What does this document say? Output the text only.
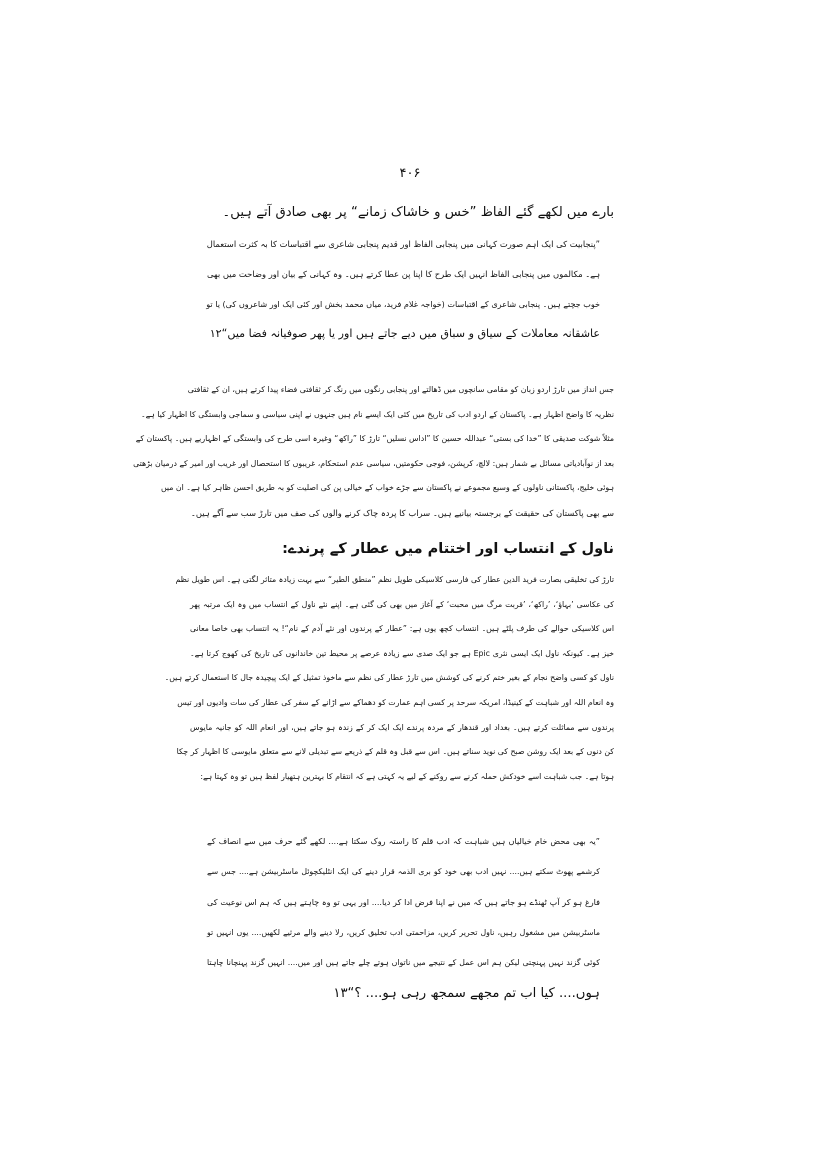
۴۰۶
بارے میں لکھے گئے الفاظ ”خس و خاشاک زمانے“ پر بھی صادق آتے ہیں۔
”پنجابیت کی ایک اہم صورت کہانی میں پنجابی الفاظ اور قدیم پنجابی شاعری سے اقتباسات کا بہ کثرت استعمال
ہے۔ مکالموں میں پنجابی الفاظ انہیں ایک طرح کا اپنا پن عطا کرتے ہیں۔ وہ کہانی کے بیان اور وضاحت میں بھی
خوب جچتے ہیں۔ پنجابی شاعری کے اقتباسات (خواجہ غلام فرید، میاں محمد بخش اور کئی ایک اور شاعروں کی) یا تو
عاشقانہ معاملات کے سیاق و سباق میں دیے جاتے ہیں اور یا پھر صوفیانہ فضا میں“۱۲
جس انداز میں تارڑ اردو زبان کو مقامی سانچوں میں ڈھالتے اور پنجابی رنگوں میں رنگ کر ثقافتی فضاء پیدا کرتے ہیں، ان کے ثقافتی
نظریہ کا واضح اظہار ہے۔ پاکستان کے اردو ادب کی تاریخ میں کئی ایک ایسے نام ہیں جنہوں نے اپنی سیاسی و سماجی وابستگی کا اظہار کیا ہے۔
مثلاً شوکت صدیقی کا ”خدا کی بستی“ عبداللہ حسین کا ”اداس نسلیں“ تارڑ کا ”راکھ“ وغیرہ اسی طرح کی وابستگی کے اظہاریے ہیں۔ پاکستان کے
بعد از نوآبادیاتی مسائل بے شمار ہیں: لالچ، کرپشن، فوجی حکومتیں، سیاسی عدم استحکام، غریبوں کا استحصال اور غریب اور امیر کے درمیان بڑھتی
ہوئی خلیج، پاکستانی ناولوں کے وسیع مجموعے نے پاکستان سے جڑے خواب کے خیالی پن کی اصلیت کو بہ طریق احسن ظاہر کیا ہے۔ ان میں
سے بھی پاکستان کی حقیقت کے برجستہ بیانیے ہیں۔ سراب کا پردہ چاک کرنے والوں کی صف میں تارڑ سب سے آگے ہیں۔
ناول کے انتساب اور اختتام میں عطار کے پرندے:
تارڑ کی تخلیقی بصارت فرید الدین عطار کی فارسی کلاسیکی طویل نظم ”منطق الطیر“ سے بہت زیادہ متاثر لگتی ہے۔ اس طویل نظم
کی عکاسی ’بہاؤ‘، ’راکھ‘، ’قربت مرگ میں محبت‘ کے آغاز میں بھی کی گئی ہے۔ اپنے نئے ناول کے انتساب میں وہ ایک مرتبہ پھر
اس کلاسیکی حوالے کی طرف پلٹے ہیں۔ انتساب کچھ یوں ہے: ”عطار کے پرندوں اور نئے آدم کے نام“! یہ انتساب بھی خاصا معانی
خیز ہے۔ کیونکہ ناول ایک ایسی نثری Epic ہے جو ایک صدی سے زیادہ عرصے پر محیط تین خاندانوں کی تاریخ کی کھوج کرتا ہے۔
ناول کو کسی واضح نجام کے بغیر ختم کرنے کی کوشش میں تارڑ عطار کی نظم سے ماخوذ تمثیل کے ایک پیچیدہ جال کا استعمال کرتے ہیں۔
وہ انعام اللہ اور شباہت کے کینیڈا، امریکہ سرحد پر کسی اہم عمارت کو دھماکے سے اڑانے کے سفر کی عطار کی سات وادیوں اور تیس
پرندوں سے مماثلت کرتے ہیں۔ بغداد اور قندھار کے مردہ پرندے ایک ایک کر کے زندہ ہو جاتے ہیں، اور انعام اللہ کو جانیہ مایوس
کن دنوں کے بعد ایک روشن صبح کی نوید سناتے ہیں۔ اس سے قبل وہ قلم کے ذریعے سے تبدیلی لانے سے متعلق مایوسی کا اظہار کر چکا
ہوتا ہے۔ جب شباہت اسے خودکش حملہ کرنے سے روکنے کے لیے یہ کہتی ہے کہ انتقام کا بہترین ہتھیار لفظ ہیں تو وہ کہتا ہے:
”یہ بھی محض خام خیالیاں ہیں شباہت کہ ادب قلم کا راستہ روک سکتا ہے.... لکھے گئے حرف میں سے انصاف کے
کرشمے پھوٹ سکتے ہیں.... نہیں ادب بھی خود کو بری الذمہ قرار دینے کی ایک انٹلیکچوئل ماسٹربیشن ہے.... جس سے
فارغ ہو کر آپ ٹھنڈے ہو جاتے ہیں کہ میں نے اپنا فرض ادا کر دیا.... اور یہی تو وہ چاہتے ہیں کہ ہم اس نوعیت کی
ماسٹربیشن میں مشغول رہیں، ناول تحریر کریں، مزاحمتی ادب تخلیق کریں، رلا دینے والے مرثیے لکھیں.... یوں انہیں تو
کوئی گزند نہیں پہنچتی لیکن ہم اس عمل کے نتیجے میں ناتواں ہوتے چلے جاتے ہیں اور میں.... انہیں گزند پہنچانا چاہتا
ہوں.... کیا اب تم مجھے سمجھ رہی ہو.... ؟“۱۳
